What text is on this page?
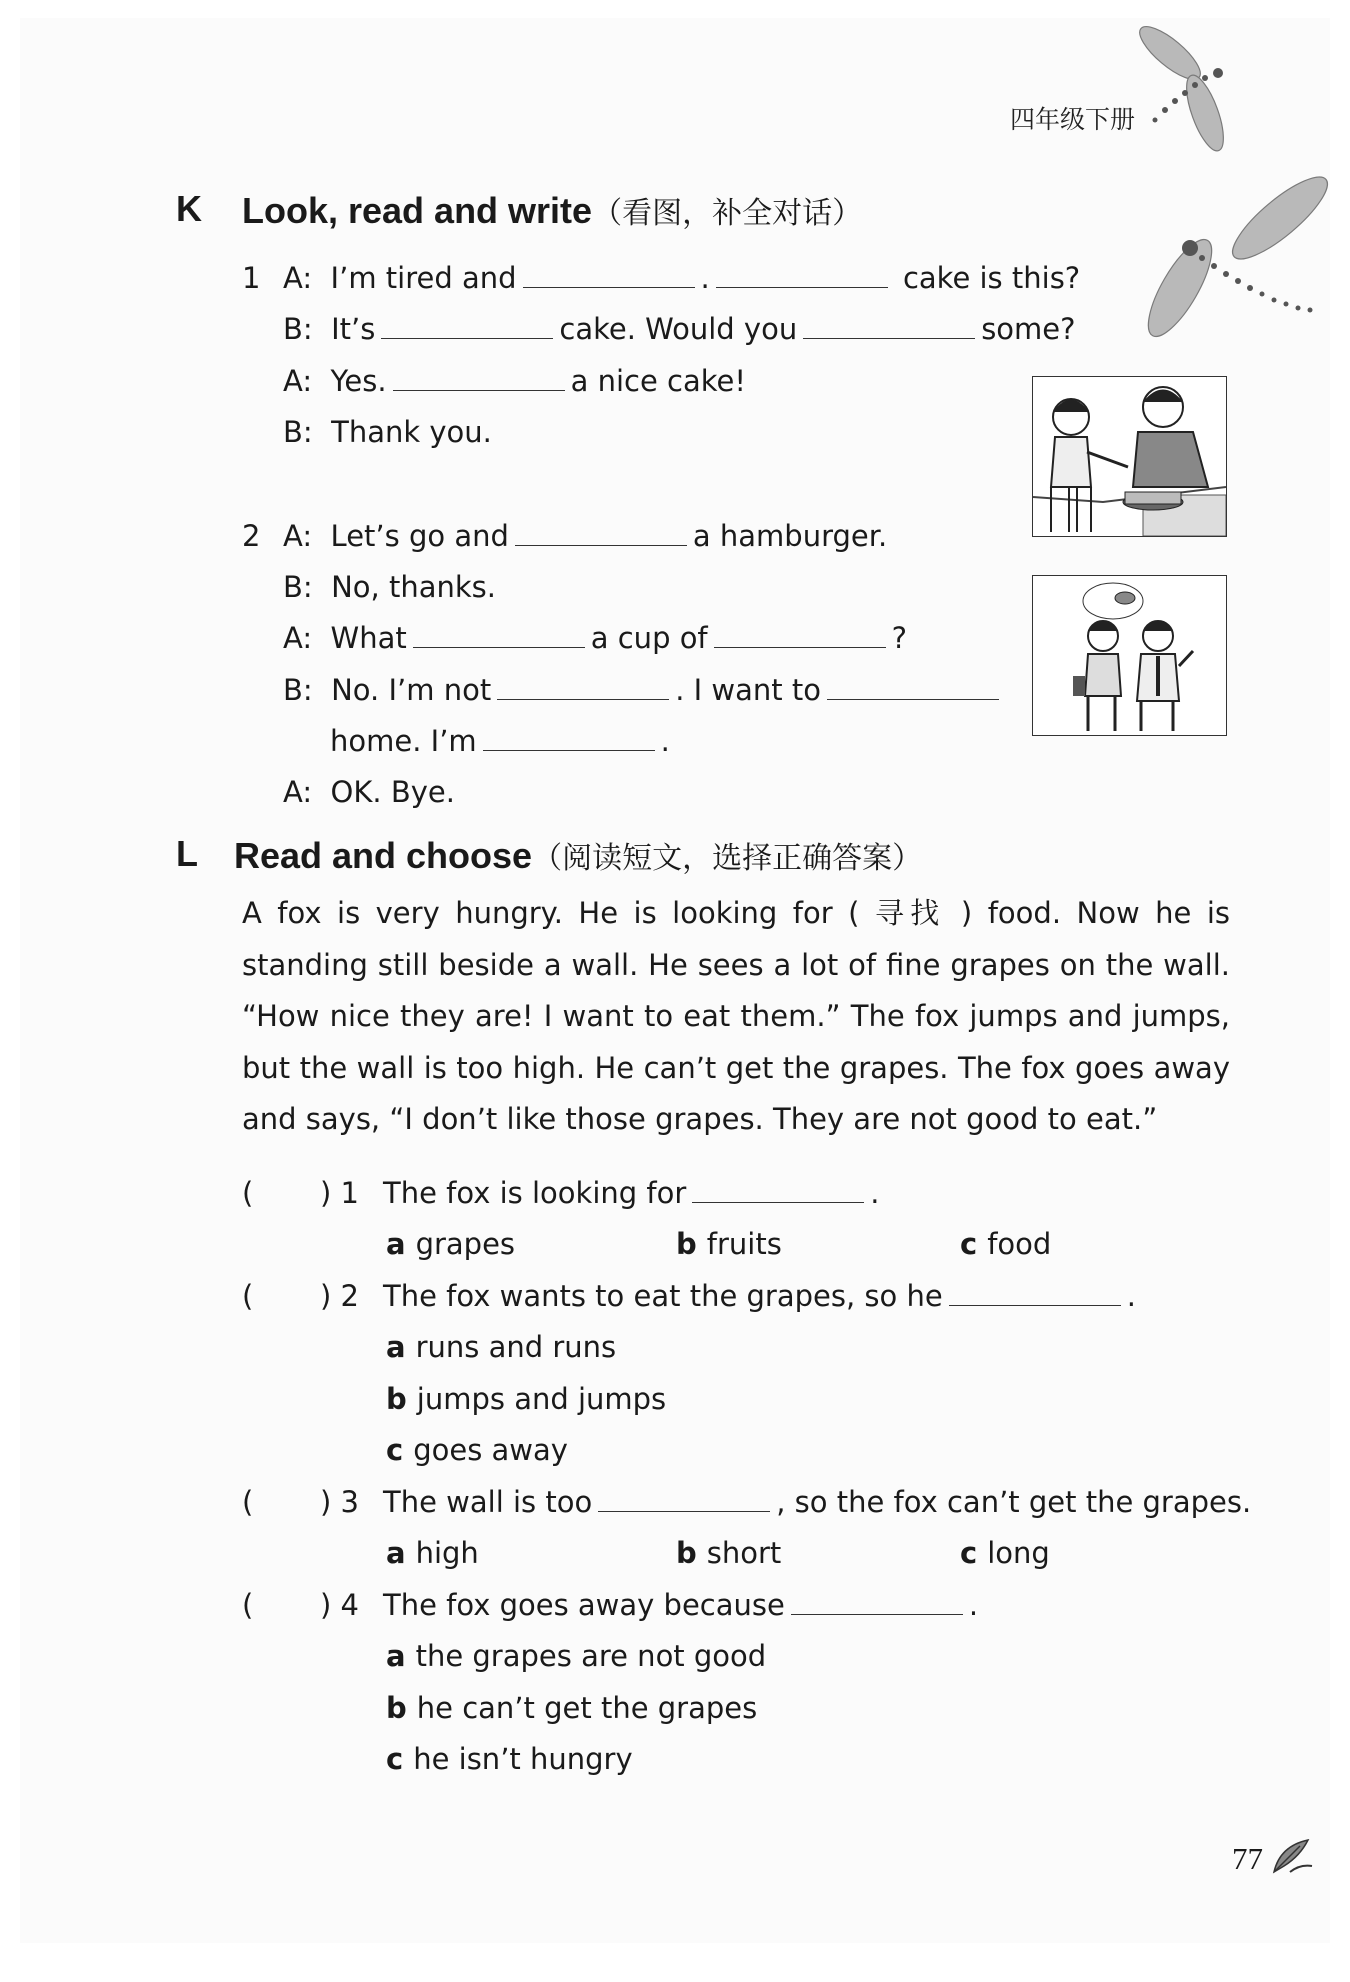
四年级下册
K Look, read and write（看图，补全对话）
1 A: I’m tired and	.	cake is this?
B: It’s	cake. Would you	some?
A: Yes.	a nice cake!
B: Thank you.
2 A: Let’s go and	a hamburger.
B: No, thanks.
A: What	a cup of	?
B: No. I’m not	. I want to
home. I’m	.
A: OK. Bye.
L Read and choose（阅读短文，选择正确答案）
A fox is very hungry. He is looking for ( 寻找 ) food. Now he is standing still beside a wall. He sees a lot of fine grapes on the wall. “How nice they are! I want to eat them.” The fox jumps and jumps, but the wall is too high. He can’t get the grapes. The fox goes away and says, “I don’t like those grapes. They are not good to eat.”
( ) 1 The fox is looking for	.
a grapes	b fruits	c food
( ) 2 The fox wants to eat the grapes, so he	.
a runs and runs
b jumps and jumps
c goes away
( ) 3 The wall is too	, so the fox can’t get the grapes.
a high	b short	c long
( ) 4 The fox goes away because	.
a the grapes are not good
b he can’t get the grapes
c he isn’t hungry
77
